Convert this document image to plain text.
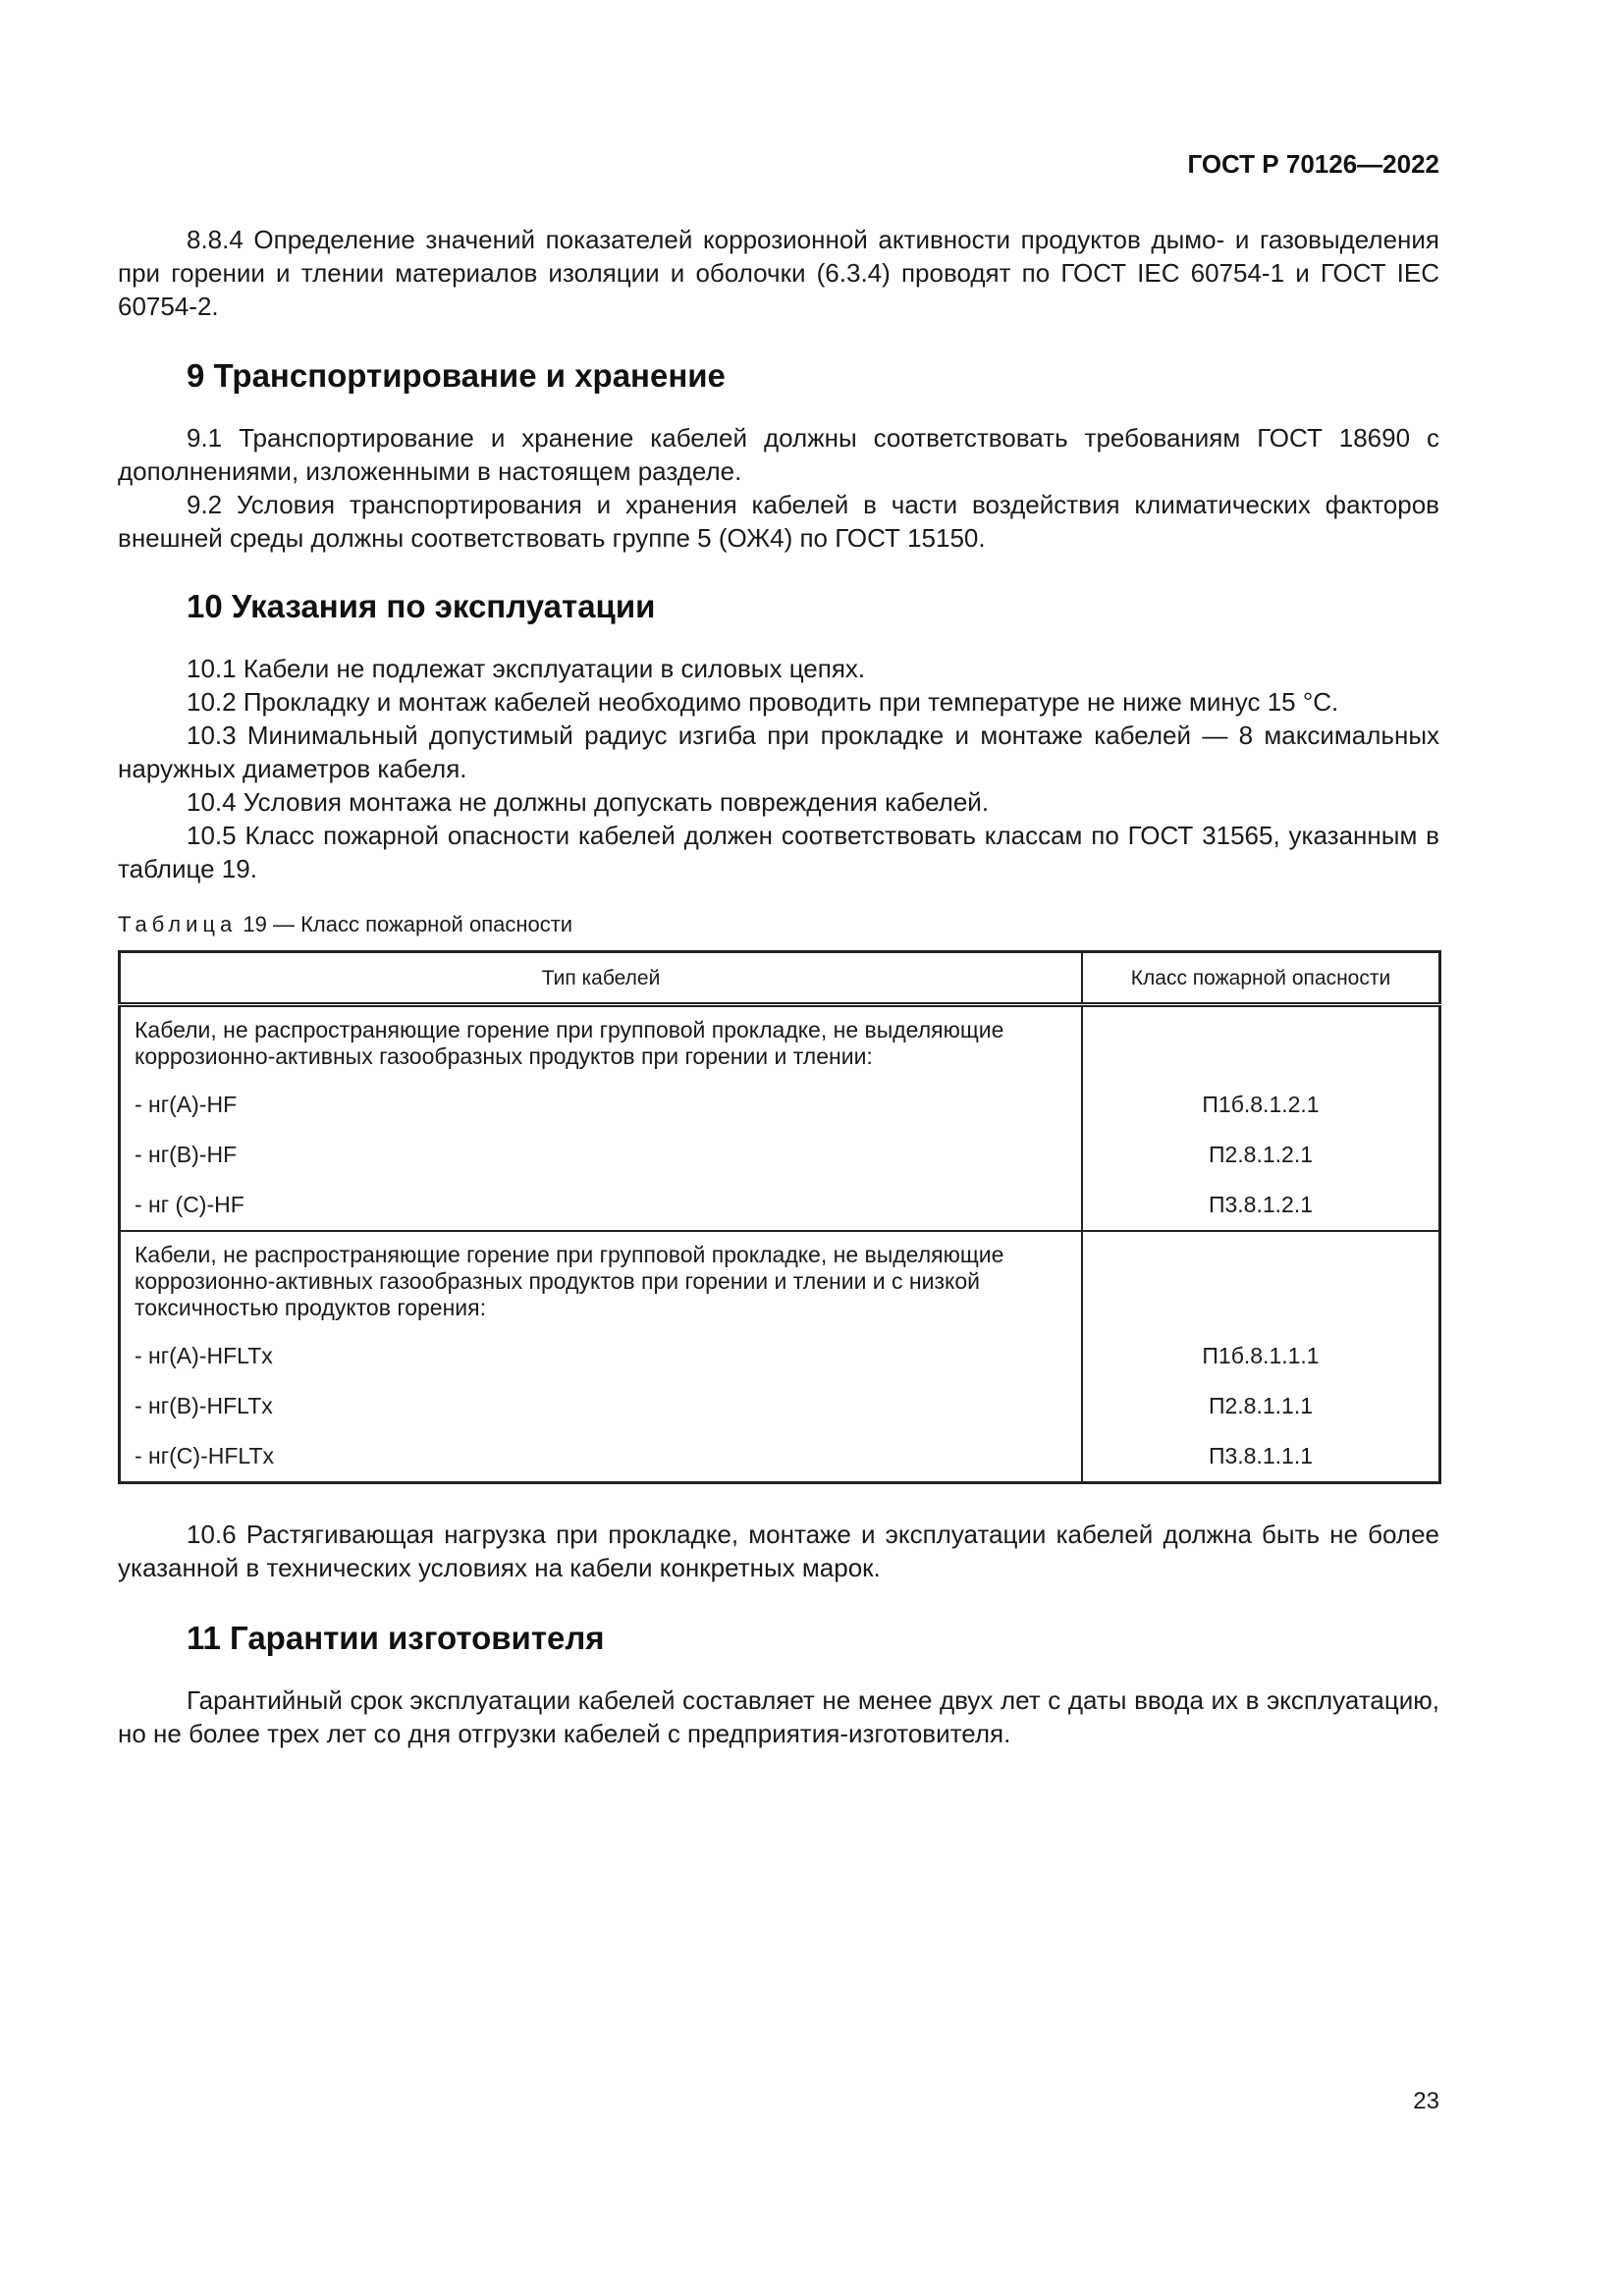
ГОСТ Р 70126—2022

8.8.4 Определение значений показателей коррозионной активности продуктов дымо- и газовыделения при горении и тлении материалов изоляции и оболочки (6.3.4) проводят по ГОСТ IEC 60754-1 и ГОСТ IEC 60754-2.

9 Транспортирование и хранение

9.1 Транспортирование и хранение кабелей должны соответствовать требованиям ГОСТ 18690 с дополнениями, изложенными в настоящем разделе.

9.2 Условия транспортирования и хранения кабелей в части воздействия климатических факторов внешней среды должны соответствовать группе 5 (ОЖ4) по ГОСТ 15150.

10 Указания по эксплуатации

10.1 Кабели не подлежат эксплуатации в силовых цепях.

10.2 Прокладку и монтаж кабелей необходимо проводить при температуре не ниже минус 15 °C.

10.3 Минимальный допустимый радиус изгиба при прокладке и монтаже кабелей — 8 максимальных наружных диаметров кабеля.

10.4 Условия монтажа не должны допускать повреждения кабелей.

10.5 Класс пожарной опасности кабелей должен соответствовать классам по ГОСТ 31565, указанным в таблице 19.

Таблица 19 — Класс пожарной опасности
Тип кабелей	Класс пожарной опасности
Кабели, не распространяющие горение при групповой прокладке, не выделяющие коррозионно-активных газообразных продуктов при горении и тлении:	
- нг(А)-HF	П1б.8.1.2.1
- нг(В)-HF	П2.8.1.2.1
- нг (С)-HF	П3.8.1.2.1
Кабели, не распространяющие горение при групповой прокладке, не выделяющие коррозионно-активных газообразных продуктов при горении и тлении и с низкой токсичностью продуктов горения:	
- нг(А)-HFLTx	П1б.8.1.1.1
- нг(В)-HFLTx	П2.8.1.1.1
- нг(С)-HFLTx	П3.8.1.1.1

10.6 Растягивающая нагрузка при прокладке, монтаже и эксплуатации кабелей должна быть не более указанной в технических условиях на кабели конкретных марок.

11 Гарантии изготовителя

Гарантийный срок эксплуатации кабелей составляет не менее двух лет с даты ввода их в эксплуатацию, но не более трех лет со дня отгрузки кабелей с предприятия-изготовителя.

23
